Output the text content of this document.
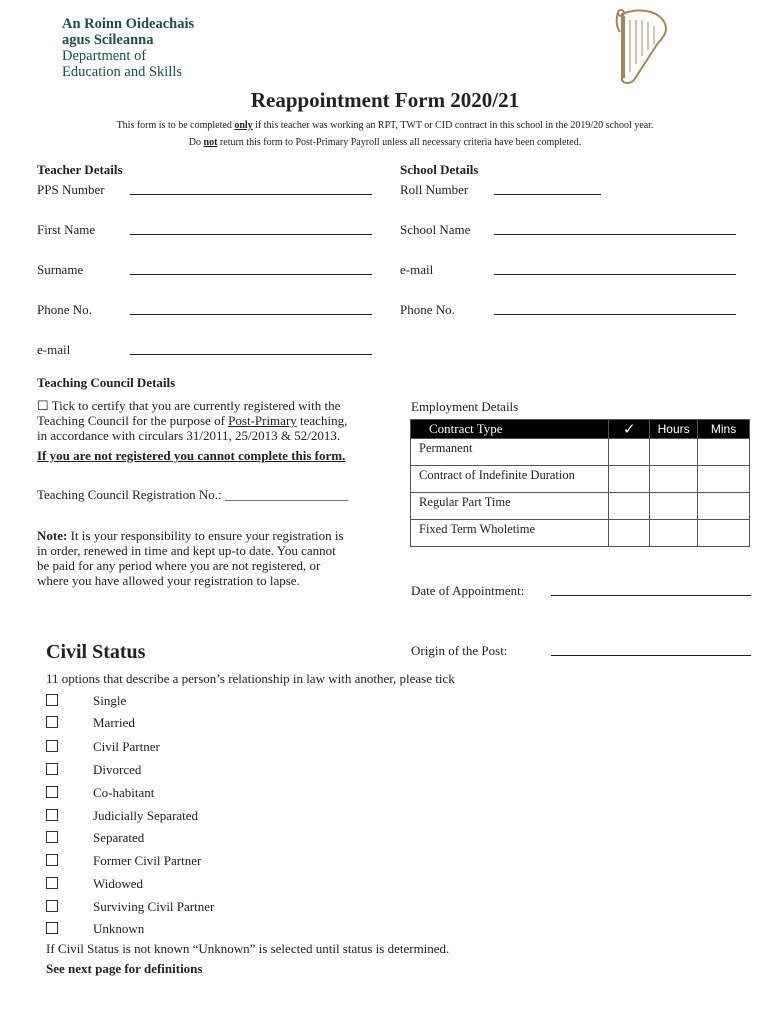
An Roinn Oideachais
agus Scileanna
Department of
Education and Skills
Reappointment Form 2020/21
This form is to be completed only if this teacher was working an RPT, TWT or CID contract in this school in the 2019/20 school year.
Do not return this form to Post-Primary Payroll unless all necessary criteria have been completed.
Teacher Details
PPS Number
First Name
Surname
Phone No.
e-mail
School Details
Roll Number
School Name
e-mail
Phone No.
Teaching Council Details
☐ Tick to certify that you are currently registered with the
Teaching Council for the purpose of Post-Primary teaching,
in accordance with circulars 31/2011, 25/2013 & 52/2013.
If you are not registered you cannot complete this form.
Teaching Council Registration No.: ___________________
Note: It is your responsibility to ensure your registration is
in order, renewed in time and kept up-to date. You cannot
be paid for any period where you are not registered, or
where you have allowed your registration to lapse.
Employment Details
Contract Type	✓	Hours	Mins
Permanent			
Contract of Indefinite Duration			
Regular Part Time			
Fixed Term Wholetime			
Date of Appointment:
Origin of the Post:
Civil Status
11 options that describe a person’s relationship in law with another, please tick
Single
Married
Civil Partner
Divorced
Co-habitant
Judicially Separated
Separated
Former Civil Partner
Widowed
Surviving Civil Partner
Unknown
If Civil Status is not known “Unknown” is selected until status is determined.
See next page for definitions
